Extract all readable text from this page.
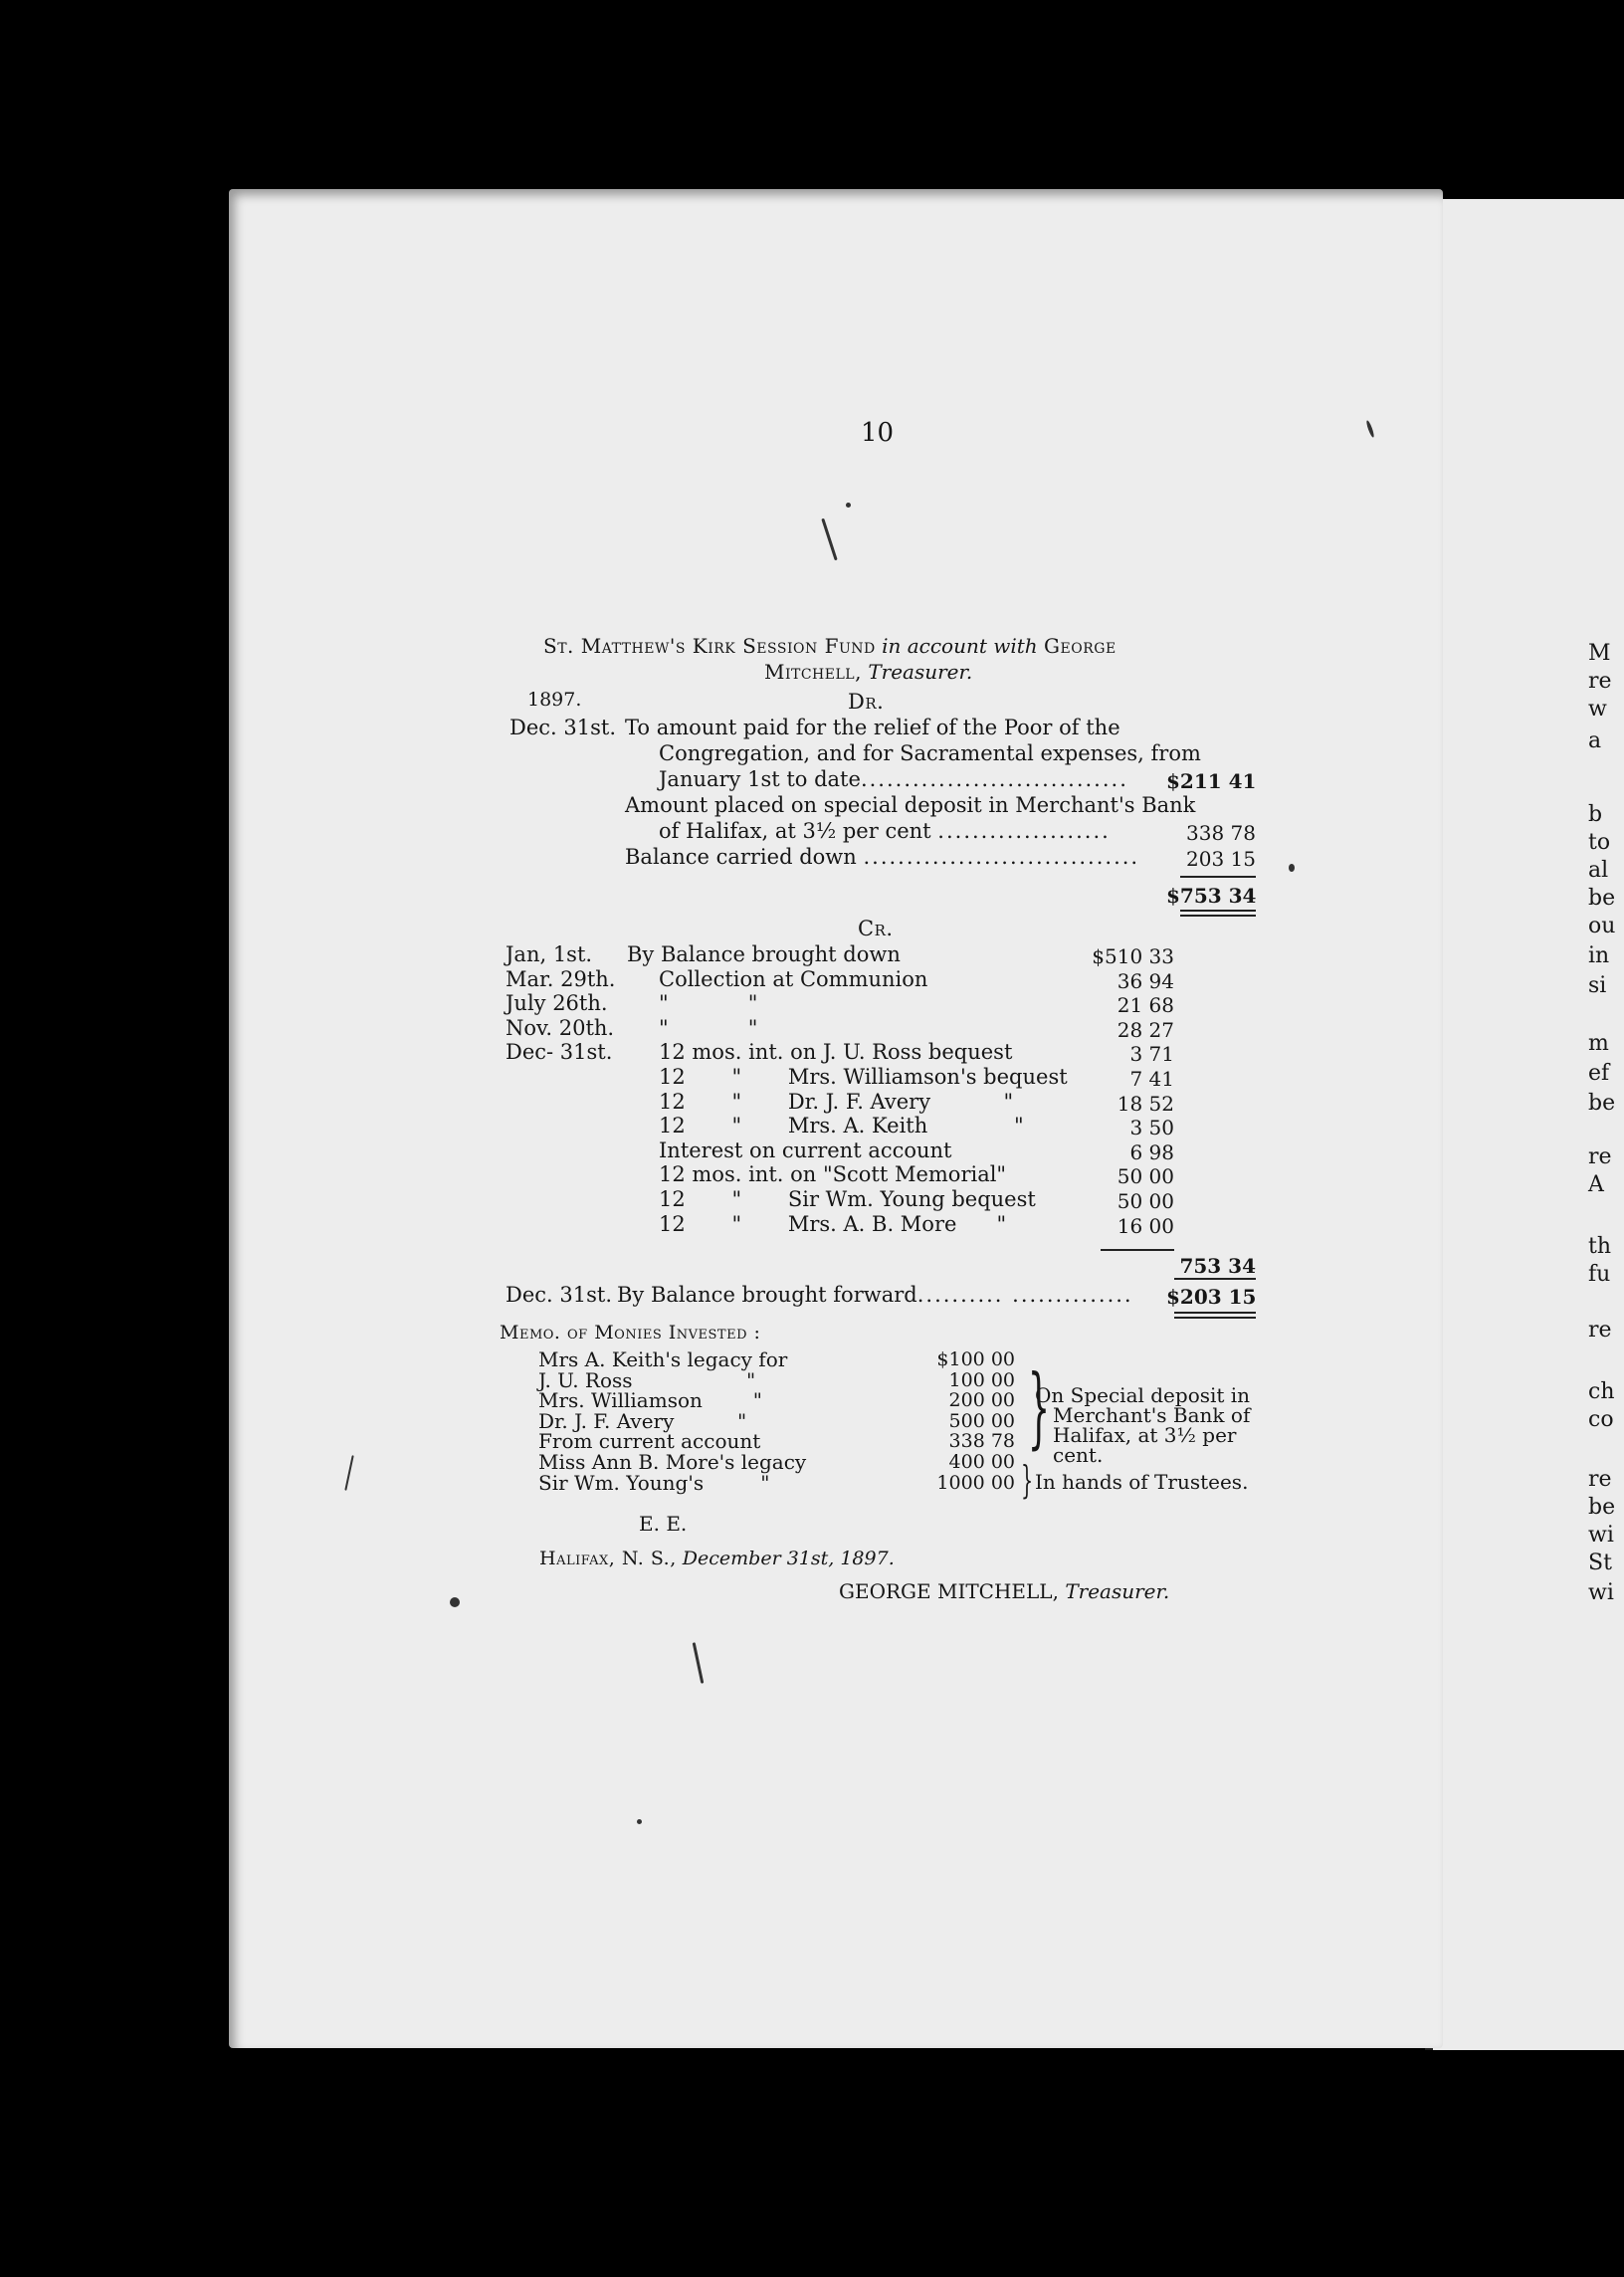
M
re
w
a
b
to
al
be
ou
in
si
m
ef
be
re
A
th
fu
re
ch
co
re
be
wi
St
wi
10
St. Matthew's Kirk Session Fund in account with George
Mitchell, Treasurer.
1897.	Dr.
Dec. 31st. To amount paid for the relief of the Poor of the
Congregation, and for Sacramental expenses, from
January 1st to date............................... $211 41
Amount placed on special deposit in Merchant's Bank
of Halifax, at 3½ per cent ....................	338 78
Balance carried down ................................	203 15
$753 34
Cr.
Jan, 1st. By Balance brought down	$510 33
Mar. 29th. Collection at Communion	36 94
July 26th. "            "	21 68
Nov. 20th. "            "	28 27
Dec- 31st. 12 mos. int. on J. U. Ross bequest	3 71
12       "       Mrs. Williamson's bequest	7 41
12       "       Dr. J. F. Avery           "	18 52
12       "       Mrs. A. Keith             "	3 50
Interest on current account	6 98
12 mos. int. on "Scott Memorial"	50 00
12       "       Sir Wm. Young bequest	50 00
12       "       Mrs. A. B. More      "	16 00
753 34
Dec. 31st. By Balance brought forward.......... .............. $203 15
Memo. of Monies Invested :
Mrs A. Keith's legacy for	$100 00
J. U. Ross                  "	100 00
Mrs. Williamson        "	200 00
Dr. J. F. Avery          "	500 00
From current account	338 78
Miss Ann B. More's legacy	400 00
Sir Wm. Young's         "	1000 00
}
On Special deposit in
Merchant's Bank of
Halifax, at 3½ per
cent.
} In hands of Trustees.
E. E.
Halifax, N. S., December 31st, 1897.
GEORGE MITCHELL, Treasurer.
